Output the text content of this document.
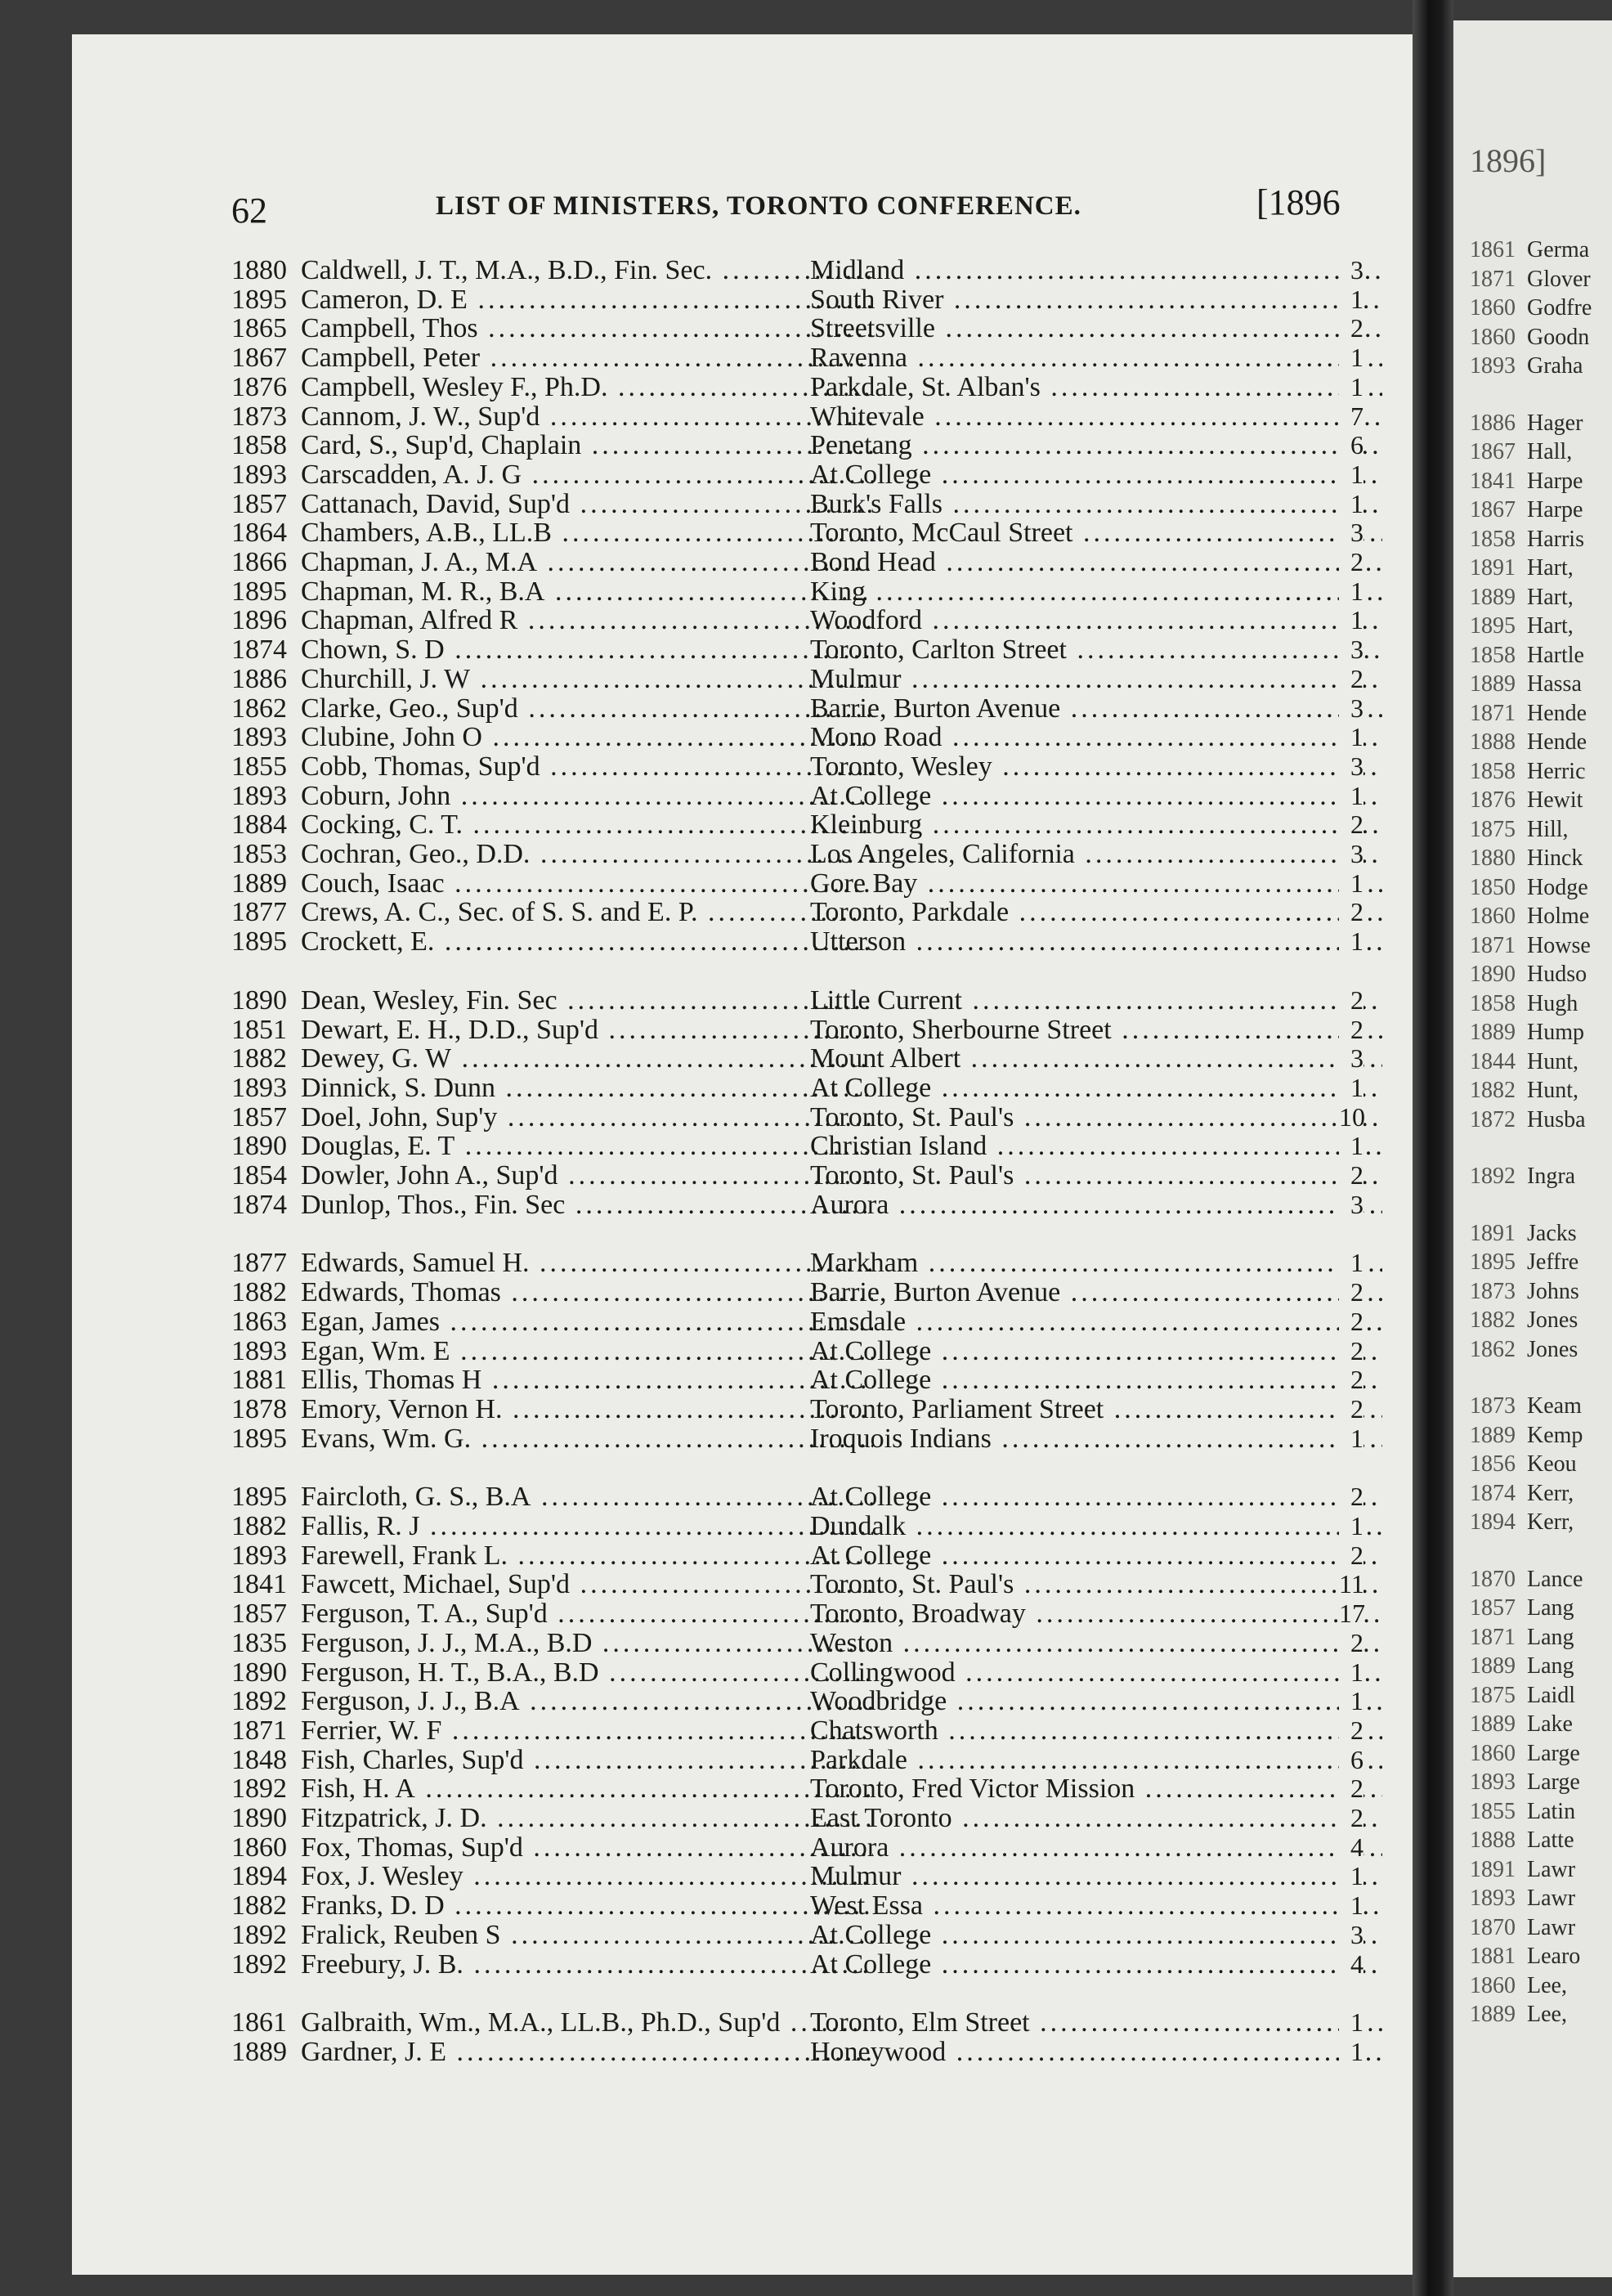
62	LIST OF MINISTERS, TORONTO CONFERENCE.	[1896
1880 Caldwell, J. T., M.A., B.D., Fin. Sec. .....	Midland .....	3
1895 Cameron, D. E .....	South River .....	1
1865 Campbell, Thos .....	Streetsville .....	2
1867 Campbell, Peter .....	Ravenna .....	1
1876 Campbell, Wesley F., Ph.D. .....	Parkdale, St. Alban's .....	1
1873 Cannom, J. W., Sup'd .....	Whitevale .....	7
1858 Card, S., Sup'd, Chaplain .....	Penetang .....	6
1893 Carscadden, A. J. G .....	At College .....	1
1857 Cattanach, David, Sup'd .....	Burk's Falls .....	1
1864 Chambers, A.B., LL.B .....	Toronto, McCaul Street .....	3
1866 Chapman, J. A., M.A .....	Bond Head .....	2
1895 Chapman, M. R., B.A .....	King .....	1
1896 Chapman, Alfred R .....	Woodford .....	1
1874 Chown, S. D .....	Toronto, Carlton Street .....	3
1886 Churchill, J. W .....	Mulmur .....	2
1862 Clarke, Geo., Sup'd .....	Barrie, Burton Avenue .....	3
1893 Clubine, John O .....	Mono Road .....	1
1855 Cobb, Thomas, Sup'd .....	Toronto, Wesley .....	3
1893 Coburn, John .....	At College .....	1
1884 Cocking, C. T. .....	Kleinburg .....	2
1853 Cochran, Geo., D.D. .....	Los Angeles, California .....	3
1889 Couch, Isaac .....	Gore Bay .....	1
1877 Crews, A. C., Sec. of S. S. and E. P. .....	Toronto, Parkdale .....	2
1895 Crockett, E. .....	Utterson .....	1
1890 Dean, Wesley, Fin. Sec .....	Little Current .....	2
1851 Dewart, E. H., D.D., Sup'd .....	Toronto, Sherbourne Street .....	2
1882 Dewey, G. W .....	Mount Albert .....	3
1893 Dinnick, S. Dunn .....	At College .....	1
1857 Doel, John, Sup'y .....	Toronto, St. Paul's .....	10
1890 Douglas, E. T .....	Christian Island .....	1
1854 Dowler, John A., Sup'd .....	Toronto, St. Paul's .....	2
1874 Dunlop, Thos., Fin. Sec .....	Aurora .....	3
1877 Edwards, Samuel H. .....	Markham .....	1
1882 Edwards, Thomas .....	Barrie, Burton Avenue .....	2
1863 Egan, James .....	Emsdale .....	2
1893 Egan, Wm. E .....	At College .....	2
1881 Ellis, Thomas H .....	At College .....	2
1878 Emory, Vernon H. .....	Toronto, Parliament Street .....	2
1895 Evans, Wm. G. .....	Iroquois Indians .....	1
1895 Faircloth, G. S., B.A .....	At College .....	2
1882 Fallis, R. J .....	Dundalk .....	1
1893 Farewell, Frank L. .....	At College .....	2
1841 Fawcett, Michael, Sup'd .....	Toronto, St. Paul's .....	11
1857 Ferguson, T. A., Sup'd .....	Toronto, Broadway .....	17
1835 Ferguson, J. J., M.A., B.D .....	Weston .....	2
1890 Ferguson, H. T., B.A., B.D .....	Collingwood .....	1
1892 Ferguson, J. J., B.A .....	Woodbridge .....	1
1871 Ferrier, W. F .....	Chatsworth .....	2
1848 Fish, Charles, Sup'd .....	Parkdale .....	6
1892 Fish, H. A .....	Toronto, Fred Victor Mission .....	2
1890 Fitzpatrick, J. D. .....	East Toronto .....	2
1860 Fox, Thomas, Sup'd .....	Aurora .....	4
1894 Fox, J. Wesley .....	Mulmur .....	1
1882 Franks, D. D .....	West Essa .....	1
1892 Fralick, Reuben S .....	At College .....	3
1892 Freebury, J. B. .....	At College .....	4
1861 Galbraith, Wm., M.A., LL.B., Ph.D., Sup'd .....	Toronto, Elm Street .....	1
1889 Gardner, J. E .....	Honeywood .....	1
1896]
1861 Germa
1871 Glover
1860 Godfre
1860 Goodn
1893 Graha
1886 Hager
1867 Hall,
1841 Harpe
1867 Harpe
1858 Harris
1891 Hart,
1889 Hart,
1895 Hart,
1858 Hartle
1889 Hassa
1871 Hende
1888 Hende
1858 Herric
1876 Hewit
1875 Hill,
1880 Hinck
1850 Hodge
1860 Holme
1871 Howse
1890 Hudso
1858 Hugh
1889 Hump
1844 Hunt,
1882 Hunt,
1872 Husba
1892 Ingra
1891 Jacks
1895 Jeffre
1873 Johns
1882 Jones
1862 Jones
1873 Keam
1889 Kemp
1856 Keou
1874 Kerr,
1894 Kerr,
1870 Lance
1857 Lang
1871 Lang
1889 Lang
1875 Laidl
1889 Lake
1860 Large
1893 Large
1855 Latin
1888 Latte
1891 Lawr
1893 Lawr
1870 Lawr
1881 Learo
1860 Lee,
1889 Lee,
